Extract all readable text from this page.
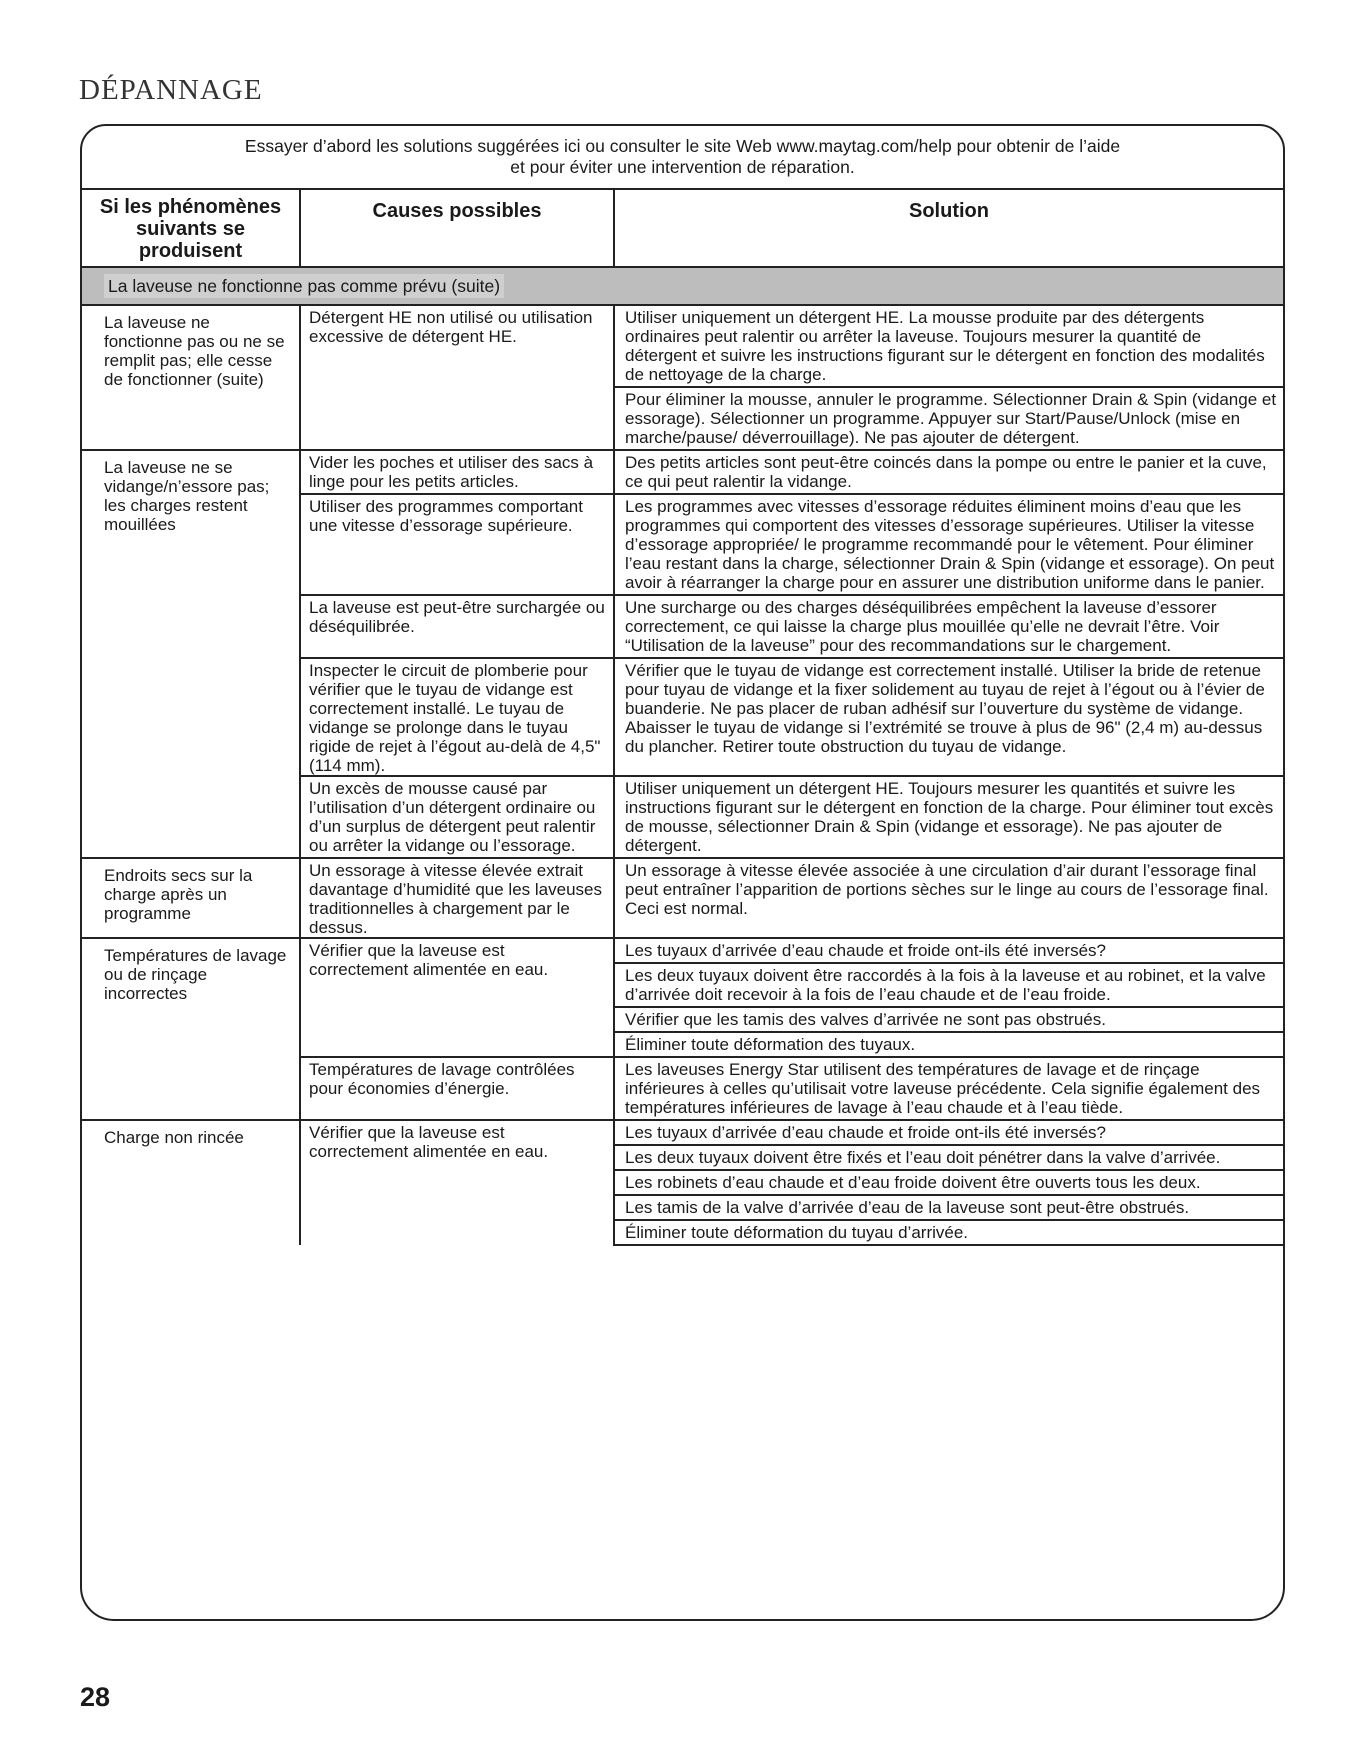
DÉPANNAGE
Essayer d’abord les solutions suggérées ici ou consulter le site Web www.maytag.com/help pour obtenir de l’aide
et pour éviter une intervention de réparation.
Si les phénomènes suivants se produisent	Causes possibles	Solution
La laveuse ne fonctionne pas comme prévu (suite)		
La laveuse ne fonctionne pas ou ne se remplit pas; elle cesse de fonctionner (suite)	Détergent HE non utilisé ou utilisation excessive de détergent HE.	Utiliser uniquement un détergent HE. La mousse produite par des détergents ordinaires peut ralentir ou arrêter la laveuse. Toujours mesurer la quantité de détergent et suivre les instructions figurant sur le détergent en fonction des modalités de nettoyage de la charge.
		Pour éliminer la mousse, annuler le programme. Sélectionner Drain & Spin (vidange et essorage). Sélectionner un programme. Appuyer sur Start/Pause/Unlock (mise en marche/pause/ déverrouillage). Ne pas ajouter de détergent.
La laveuse ne se vidange/n’essore pas; les charges restent mouillées	Vider les poches et utiliser des sacs à linge pour les petits articles.	Des petits articles sont peut-être coincés dans la pompe ou entre le panier et la cuve, ce qui peut ralentir la vidange.
	Utiliser des programmes comportant une vitesse d’essorage supérieure.	Les programmes avec vitesses d’essorage réduites éliminent moins d’eau que les programmes qui comportent des vitesses d’essorage supérieures. Utiliser la vitesse d’essorage appropriée/ le programme recommandé pour le vêtement. Pour éliminer l’eau restant dans la charge, sélectionner Drain & Spin (vidange et essorage). On peut avoir à réarranger la charge pour en assurer une distribution uniforme dans le panier.
	La laveuse est peut-être surchargée ou déséquilibrée.	Une surcharge ou des charges déséquilibrées empêchent la laveuse d’essorer correctement, ce qui laisse la charge plus mouillée qu’elle ne devrait l’être. Voir “Utilisation de la laveuse” pour des recommandations sur le chargement.
	Inspecter le circuit de plomberie pour vérifier que le tuyau de vidange est correctement installé. Le tuyau de vidange se prolonge dans le tuyau rigide de rejet à l’égout au-delà de 4,5" (114 mm).	Vérifier que le tuyau de vidange est correctement installé. Utiliser la bride de retenue pour tuyau de vidange et la fixer solidement au tuyau de rejet à l’égout ou à l’évier de buanderie. Ne pas placer de ruban adhésif sur l’ouverture du système de vidange. Abaisser le tuyau de vidange si l’extrémité se trouve à plus de 96" (2,4 m) au-dessus du plancher. Retirer toute obstruction du tuyau de vidange.
	Un excès de mousse causé par l’utilisation d’un détergent ordinaire ou d’un surplus de détergent peut ralentir ou arrêter la vidange ou l’essorage.	Utiliser uniquement un détergent HE. Toujours mesurer les quantités et suivre les instructions figurant sur le détergent en fonction de la charge. Pour éliminer tout excès de mousse, sélectionner Drain & Spin (vidange et essorage). Ne pas ajouter de détergent.
Endroits secs sur la charge après un programme	Un essorage à vitesse élevée extrait davantage d’humidité que les laveuses traditionnelles à chargement par le dessus.	Un essorage à vitesse élevée associée à une circulation d’air durant l’essorage final peut entraîner l’apparition de portions sèches sur le linge au cours de l’essorage final. Ceci est normal.
Températures de lavage ou de rinçage incorrectes	Vérifier que la laveuse est correctement alimentée en eau.	Les tuyaux d’arrivée d’eau chaude et froide ont-ils été inversés?
		Les deux tuyaux doivent être raccordés à la fois à la laveuse et au robinet, et la valve d’arrivée doit recevoir à la fois de l’eau chaude et de l’eau froide.
		Vérifier que les tamis des valves d’arrivée ne sont pas obstrués.
		Éliminer toute déformation des tuyaux.
	Températures de lavage contrôlées pour économies d’énergie.	Les laveuses Energy Star utilisent des températures de lavage et de rinçage inférieures à celles qu’utilisait votre laveuse précédente. Cela signifie également des températures inférieures de lavage à l’eau chaude et à l’eau tiède.
Charge non rincée	Vérifier que la laveuse est correctement alimentée en eau.	Les tuyaux d’arrivée d’eau chaude et froide ont-ils été inversés?
		Les deux tuyaux doivent être fixés et l’eau doit pénétrer dans la valve d’arrivée.
		Les robinets d’eau chaude et d’eau froide doivent être ouverts tous les deux.
		Les tamis de la valve d’arrivée d’eau de la laveuse sont peut-être obstrués.
		Éliminer toute déformation du tuyau d’arrivée.
28
